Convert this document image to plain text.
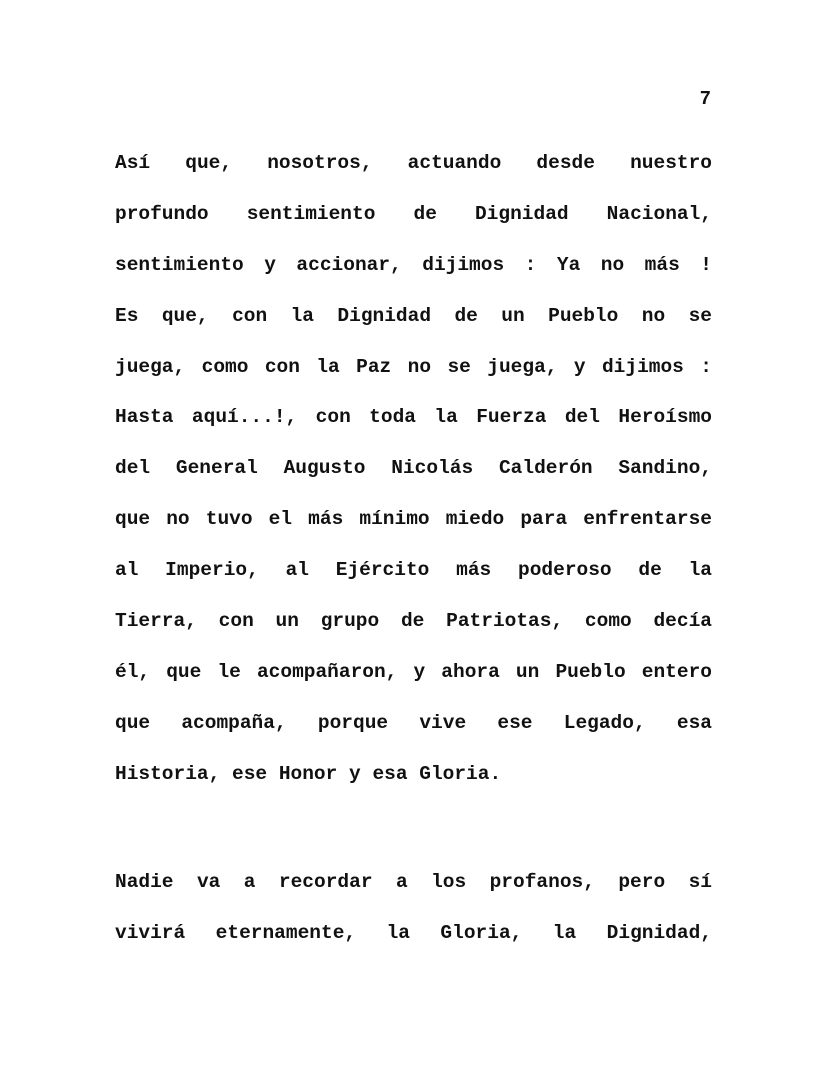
7
Así que, nosotros, actuando desde nuestro
profundo sentimiento de Dignidad Nacional,
sentimiento y accionar, dijimos : Ya no más !
Es que, con la Dignidad de un Pueblo no se
juega, como con la Paz no se juega, y dijimos :
Hasta aquí...!, con toda la Fuerza del Heroísmo
del General Augusto Nicolás Calderón Sandino,
que no tuvo el más mínimo miedo para enfrentarse
al Imperio, al Ejército más poderoso de la
Tierra, con un grupo de Patriotas, como decía
él, que le acompañaron, y ahora un Pueblo entero
que acompaña, porque vive ese Legado, esa
Historia, ese Honor y esa Gloria.
Nadie va a recordar a los profanos, pero sí
vivirá eternamente, la Gloria, la Dignidad,
